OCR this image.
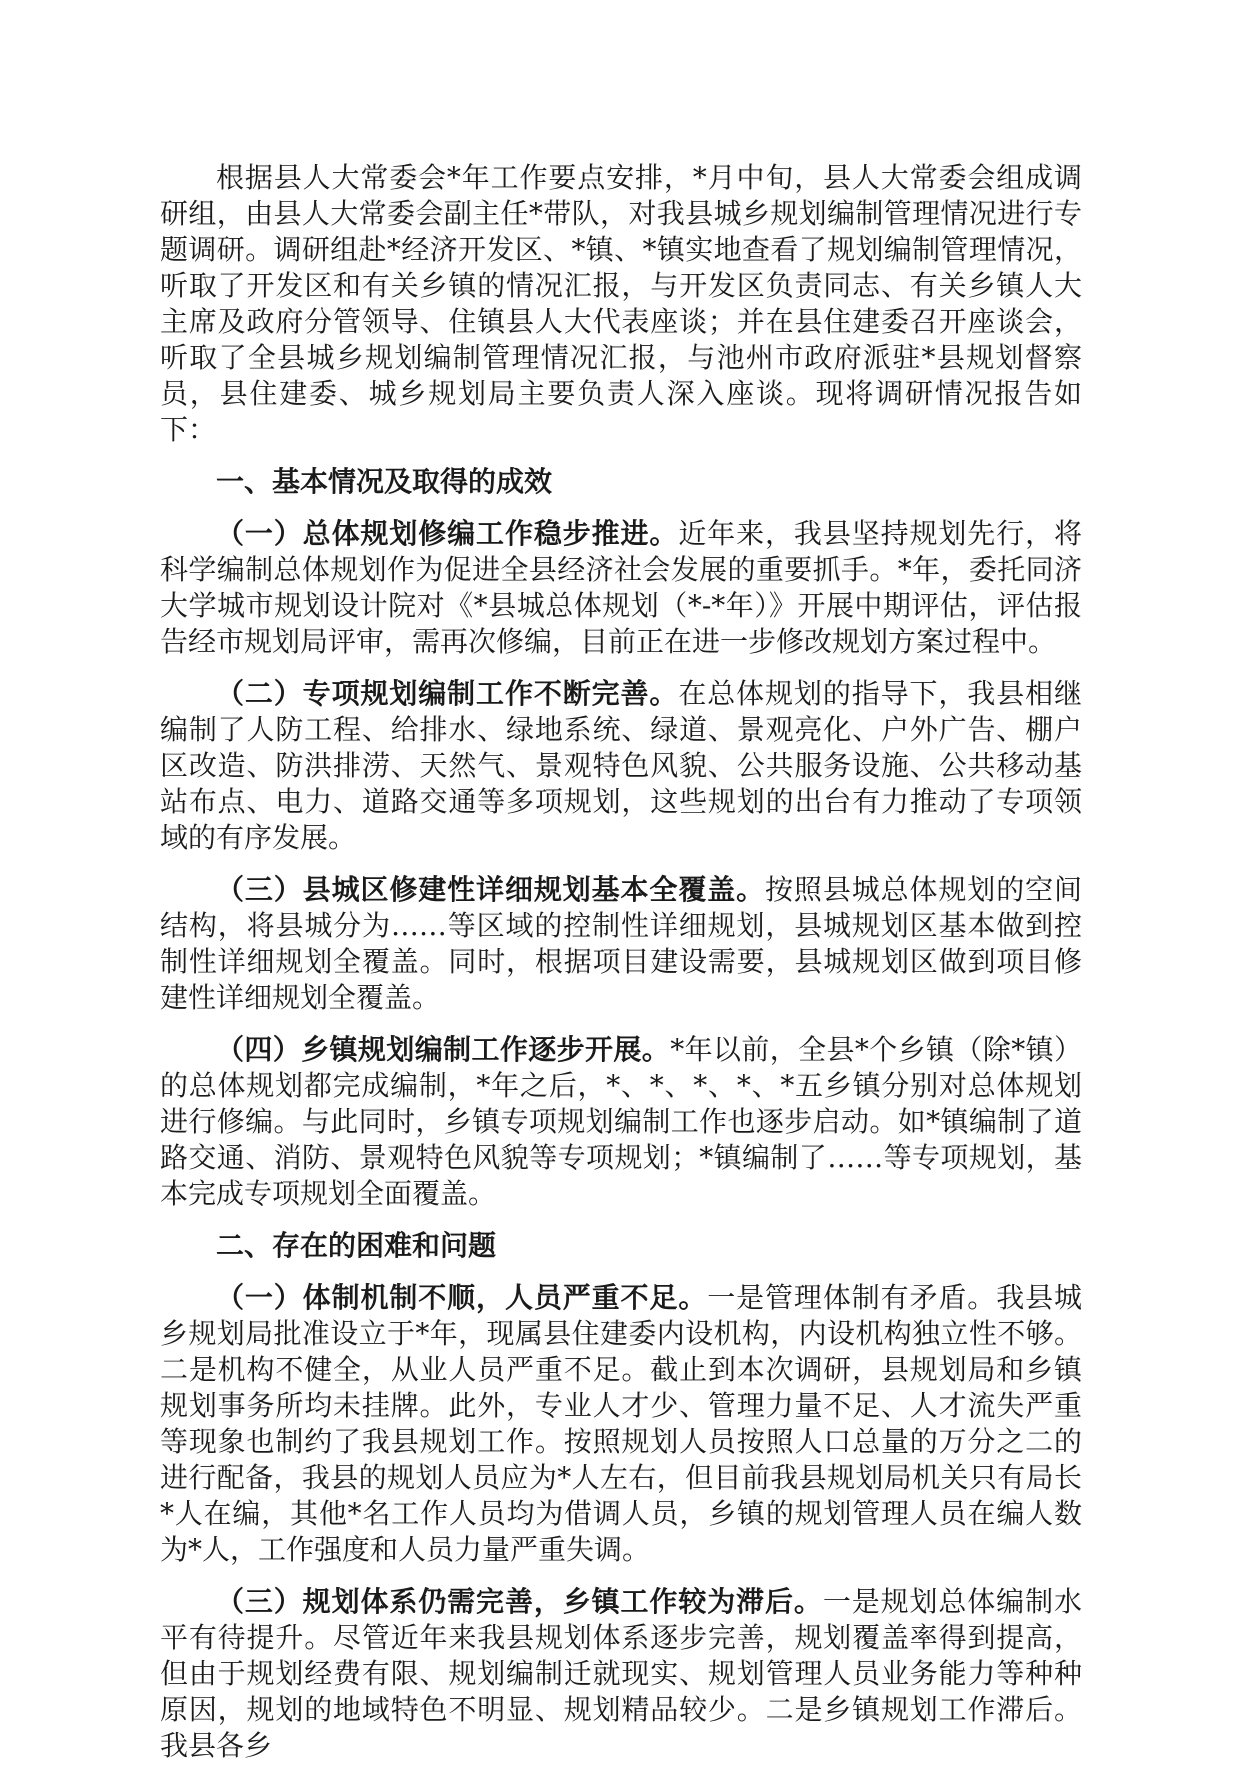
根据县人大常委会*年工作要点安排，*月中旬，县人大常委会组成调研组，由县人大常委会副主任*带队，对我县城乡规划编制管理情况进行专题调研。调研组赴*经济开发区、*镇、*镇实地查看了规划编制管理情况，听取了开发区和有关乡镇的情况汇报，与开发区负责同志、有关乡镇人大主席及政府分管领导、住镇县人大代表座谈；并在县住建委召开座谈会，听取了全县城乡规划编制管理情况汇报，与池州市政府派驻*县规划督察员，县住建委、城乡规划局主要负责人深入座谈。现将调研情况报告如下：

一、基本情况及取得的成效

（一）总体规划修编工作稳步推进。近年来，我县坚持规划先行，将科学编制总体规划作为促进全县经济社会发展的重要抓手。*年，委托同济大学城市规划设计院对《*县城总体规划（*-*年）》开展中期评估，评估报告经市规划局评审，需再次修编，目前正在进一步修改规划方案过程中。

（二）专项规划编制工作不断完善。在总体规划的指导下，我县相继编制了人防工程、给排水、绿地系统、绿道、景观亮化、户外广告、棚户区改造、防洪排涝、天然气、景观特色风貌、公共服务设施、公共移动基站布点、电力、道路交通等多项规划，这些规划的出台有力推动了专项领域的有序发展。

（三）县城区修建性详细规划基本全覆盖。按照县城总体规划的空间结构，将县城分为……等区域的控制性详细规划，县城规划区基本做到控制性详细规划全覆盖。同时，根据项目建设需要，县城规划区做到项目修建性详细规划全覆盖。

（四）乡镇规划编制工作逐步开展。*年以前，全县*个乡镇（除*镇）的总体规划都完成编制，*年之后，*、*、*、*、*五乡镇分别对总体规划进行修编。与此同时，乡镇专项规划编制工作也逐步启动。如*镇编制了道路交通、消防、景观特色风貌等专项规划；*镇编制了……等专项规划，基本完成专项规划全面覆盖。

二、存在的困难和问题

（一）体制机制不顺，人员严重不足。一是管理体制有矛盾。我县城乡规划局批准设立于*年，现属县住建委内设机构，内设机构独立性不够。二是机构不健全，从业人员严重不足。截止到本次调研，县规划局和乡镇规划事务所均未挂牌。此外，专业人才少、管理力量不足、人才流失严重等现象也制约了我县规划工作。按照规划人员按照人口总量的万分之二的进行配备，我县的规划人员应为*人左右，但目前我县规划局机关只有局长*人在编，其他*名工作人员均为借调人员，乡镇的规划管理人员在编人数为*人，工作强度和人员力量严重失调。

（三）规划体系仍需完善，乡镇工作较为滞后。一是规划总体编制水平有待提升。尽管近年来我县规划体系逐步完善，规划覆盖率得到提高，但由于规划经费有限、规划编制迁就现实、规划管理人员业务能力等种种原因，规划的地域特色不明显、规划精品较少。二是乡镇规划工作滞后。我县各乡
